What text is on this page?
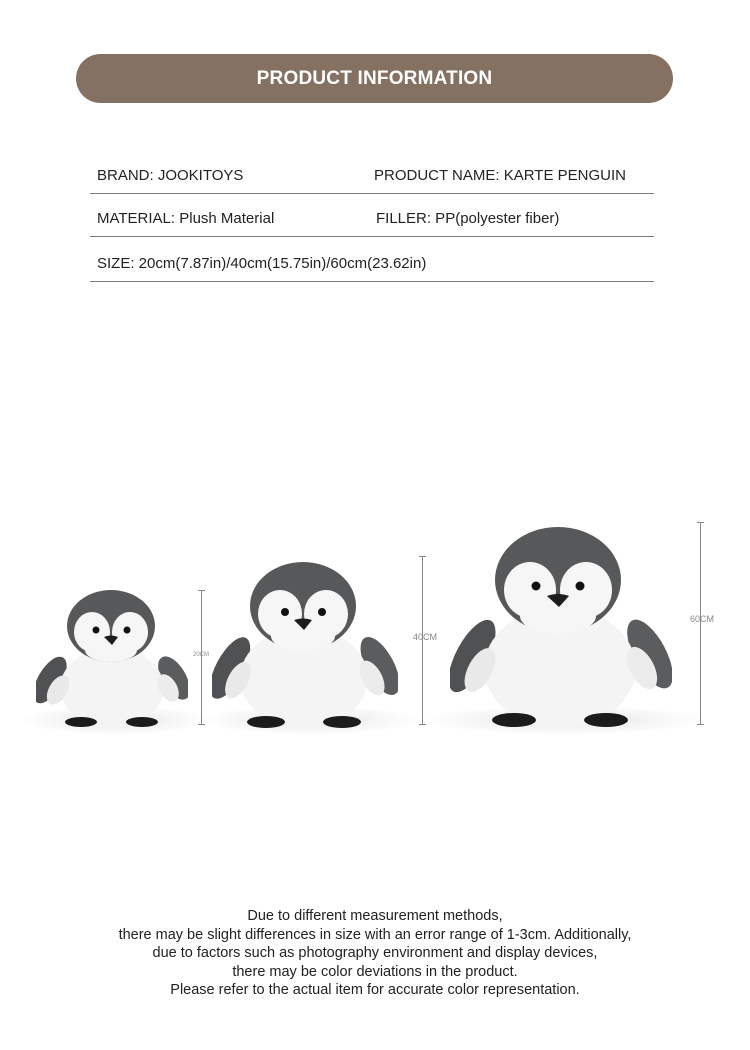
PRODUCT INFORMATION
BRAND: JOOKITOYS	PRODUCT NAME: KARTE PENGUIN
MATERIAL: Plush Material	FILLER: PP(polyester fiber)
SIZE: 20cm(7.87in)/40cm(15.75in)/60cm(23.62in)
20CM
40CM
60CM
Due to different measurement methods,
there may be slight differences in size with an error range of 1-3cm. Additionally,
due to factors such as photography environment and display devices,
there may be color deviations in the product.
Please refer to the actual item for accurate color representation.
